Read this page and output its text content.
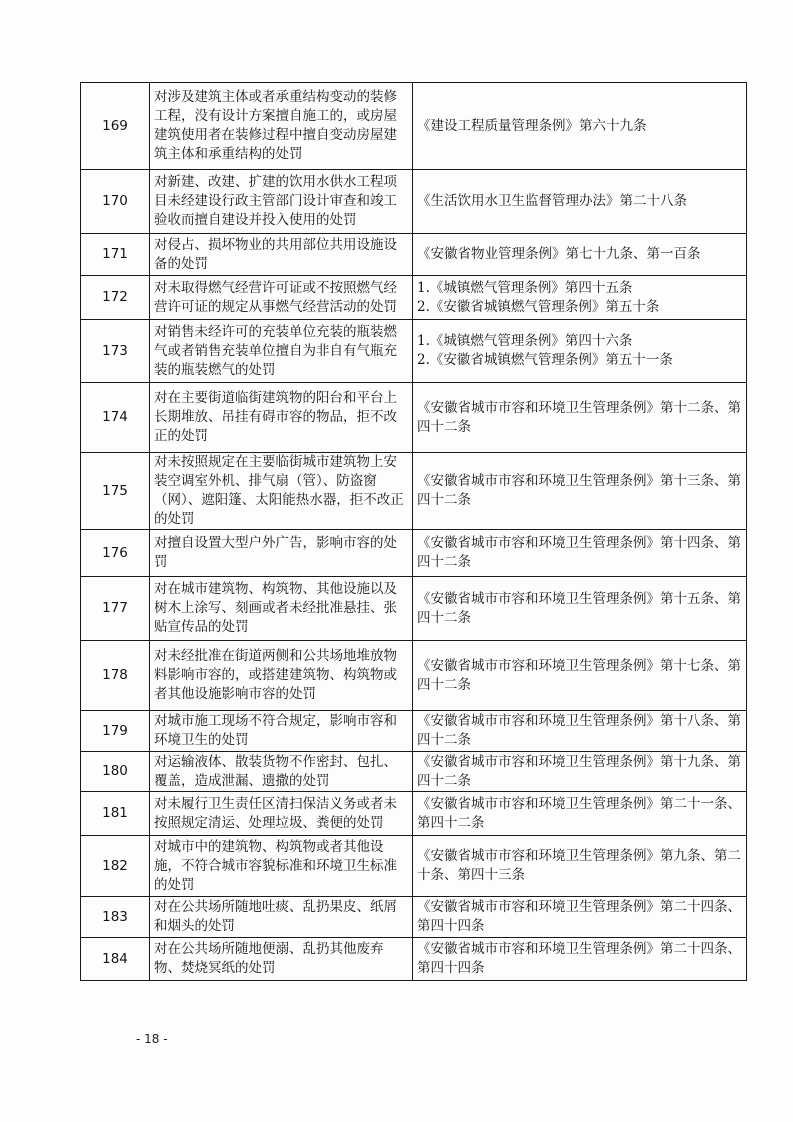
169	对涉及建筑主体或者承重结构变动的装修工程，没有设计方案擅自施工的，或房屋建筑使用者在装修过程中擅自变动房屋建筑主体和承重结构的处罚	《建设工程质量管理条例》第六十九条

170	对新建、改建、扩建的饮用水供水工程项目未经建设行政主管部门设计审查和竣工验收而擅自建设并投入使用的处罚	《生活饮用水卫生监督管理办法》第二十八条

171	对侵占、损坏物业的共用部位共用设施设备的处罚	《安徽省物业管理条例》第七十九条、第一百条

172	对未取得燃气经营许可证或不按照燃气经营许可证的规定从事燃气经营活动的处罚	1.《城镇燃气管理条例》第四十五条
2.《安徽省城镇燃气管理条例》第五十条

173	对销售未经许可的充装单位充装的瓶装燃气或者销售充装单位擅自为非自有气瓶充装的瓶装燃气的处罚	1.《城镇燃气管理条例》第四十六条
2.《安徽省城镇燃气管理条例》第五十一条

174	对在主要街道临街建筑物的阳台和平台上长期堆放、吊挂有碍市容的物品，拒不改正的处罚	《安徽省城市市容和环境卫生管理条例》第十二条、第四十二条

175	对未按照规定在主要临街城市建筑物上安装空调室外机、排气扇（管）、防盗窗（网）、遮阳篷、太阳能热水器，拒不改正的处罚	《安徽省城市市容和环境卫生管理条例》第十三条、第四十二条

176	对擅自设置大型户外广告，影响市容的处罚	《安徽省城市市容和环境卫生管理条例》第十四条、第四十二条

177	对在城市建筑物、构筑物、其他设施以及树木上涂写、刻画或者未经批准悬挂、张贴宣传品的处罚	《安徽省城市市容和环境卫生管理条例》第十五条、第四十二条

178	对未经批准在街道两侧和公共场地堆放物料影响市容的，或搭建建筑物、构筑物或者其他设施影响市容的处罚	《安徽省城市市容和环境卫生管理条例》第十七条、第四十二条

179	对城市施工现场不符合规定，影响市容和环境卫生的处罚	《安徽省城市市容和环境卫生管理条例》第十八条、第四十二条

180	对运输液体、散装货物不作密封、包扎、覆盖，造成泄漏、遗撒的处罚	《安徽省城市市容和环境卫生管理条例》第十九条、第四十二条

181	对未履行卫生责任区清扫保洁义务或者未按照规定清运、处理垃圾、粪便的处罚	《安徽省城市市容和环境卫生管理条例》第二十一条、第四十二条

182	对城市中的建筑物、构筑物或者其他设施，不符合城市容貌标准和环境卫生标准的处罚	《安徽省城市市容和环境卫生管理条例》第九条、第二十条、第四十三条

183	对在公共场所随地吐痰、乱扔果皮、纸屑和烟头的处罚	《安徽省城市市容和环境卫生管理条例》第二十四条、第四十四条

184	对在公共场所随地便溺、乱扔其他废弃物、焚烧冥纸的处罚	《安徽省城市市容和环境卫生管理条例》第二十四条、第四十四条
- 18 -
